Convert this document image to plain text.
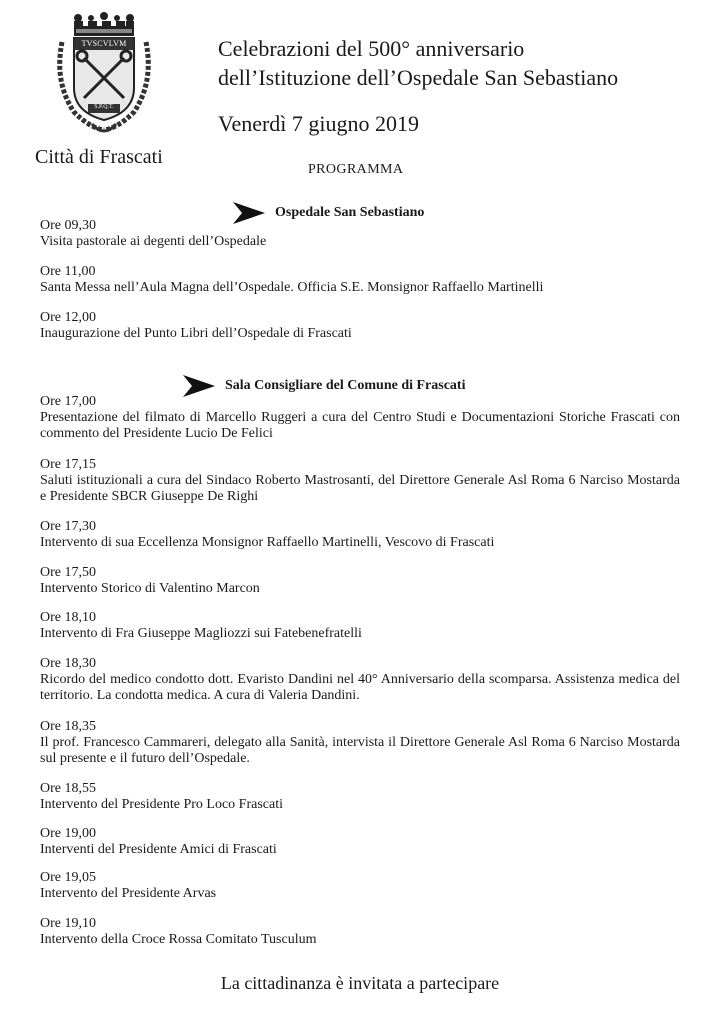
TVSCVLVM
S.P.Q.T.
Città di Frascati
Celebrazioni del 500° anniversario
dell’Istituzione dell’Ospedale San Sebastiano
Venerdì 7 giugno 2019
PROGRAMMA
Ospedale San Sebastiano
Ore 09,30
Visita pastorale ai degenti dell’Ospedale
Ore 11,00
Santa Messa nell’Aula Magna dell’Ospedale. Officia S.E. Monsignor Raffaello Martinelli
Ore 12,00
Inaugurazione del Punto Libri dell’Ospedale di Frascati
Sala Consigliare del Comune di Frascati
Ore 17,00
Presentazione del filmato di Marcello Ruggeri a cura del Centro Studi e Documentazioni Storiche Frascati con commento del Presidente Lucio De Felici
Ore 17,15
Saluti istituzionali a cura del Sindaco Roberto Mastrosanti, del Direttore Generale Asl Roma 6 Narciso Mostarda e Presidente SBCR Giuseppe De Righi
Ore 17,30
Intervento di sua Eccellenza Monsignor Raffaello Martinelli, Vescovo di Frascati
Ore 17,50
Intervento Storico di Valentino Marcon
Ore 18,10
Intervento di Fra Giuseppe Magliozzi sui Fatebenefratelli
Ore 18,30
Ricordo del medico condotto dott. Evaristo Dandini nel 40° Anniversario della scomparsa. Assistenza medica del territorio. La condotta medica. A cura di Valeria Dandini.
Ore 18,35
Il prof. Francesco Cammareri, delegato alla Sanità, intervista il Direttore Generale Asl Roma 6 Narciso Mostarda sul presente e il futuro dell’Ospedale.
Ore 18,55
Intervento del Presidente Pro Loco Frascati
Ore 19,00
Interventi del Presidente Amici di Frascati
Ore 19,05
Intervento del Presidente Arvas
Ore 19,10
Intervento della Croce Rossa Comitato Tusculum
La cittadinanza è invitata a partecipare
